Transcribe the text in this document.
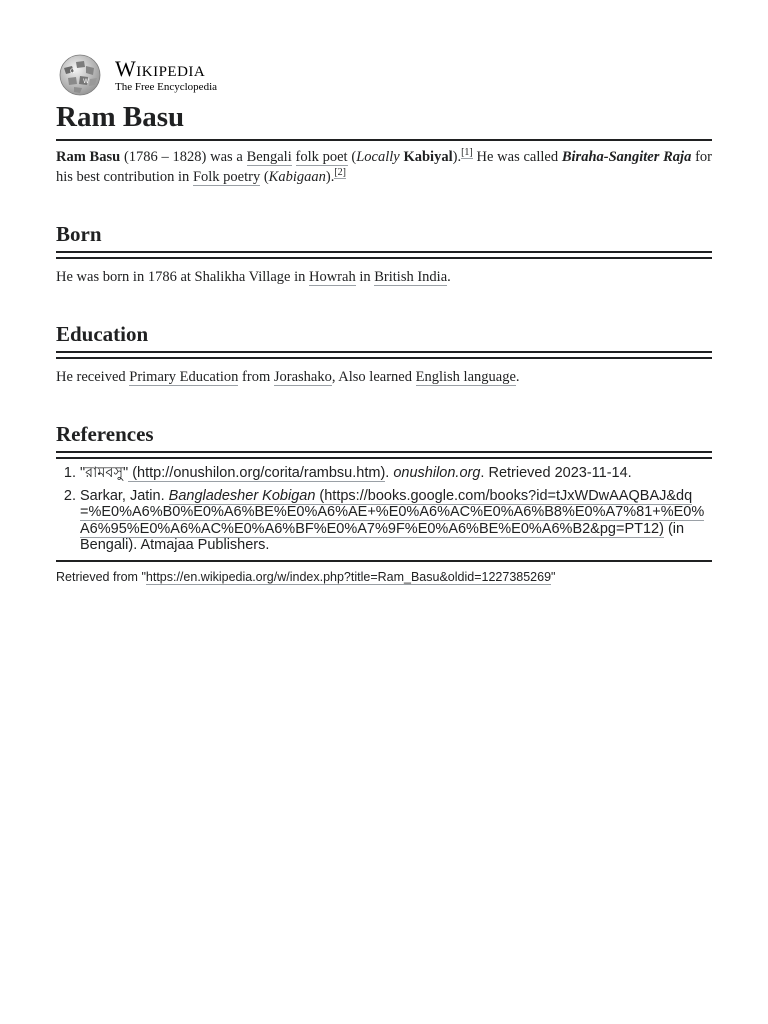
Ω
W
Wikipedia
The Free Encyclopedia
Ram Basu

Ram Basu (1786 – 1828) was a Bengali folk poet (Locally Kabiyal).[1] He was called Biraha-Sangiter Raja for his best contribution in Folk poetry (Kabigaan).[2]

Born

He was born in 1786 at Shalikha Village in Howrah in British India.

Education

He received Primary Education from Jorashako, Also learned English language.

References
1. "রামবসু" (http://onushilon.org/corita/rambsu.htm). onushilon.org. Retrieved 2023-11-14.
2. Sarkar, Jatin. Bangladesher Kobigan (https://books.google.com/books?id=tJxWDwAAQBAJ&dq=%E0%A6%B0%E0%A6%BE%E0%A6%AE+%E0%A6%AC%E0%A6%B8%E0%A7%81+%E0%A6%95%E0%A6%AC%E0%A6%BF%E0%A7%9F%E0%A6%BE%E0%A6%B2&pg=PT12) (in Bengali). Atmajaa Publishers.
Retrieved from "https://en.wikipedia.org/w/index.php?title=Ram_Basu&oldid=1227385269"
